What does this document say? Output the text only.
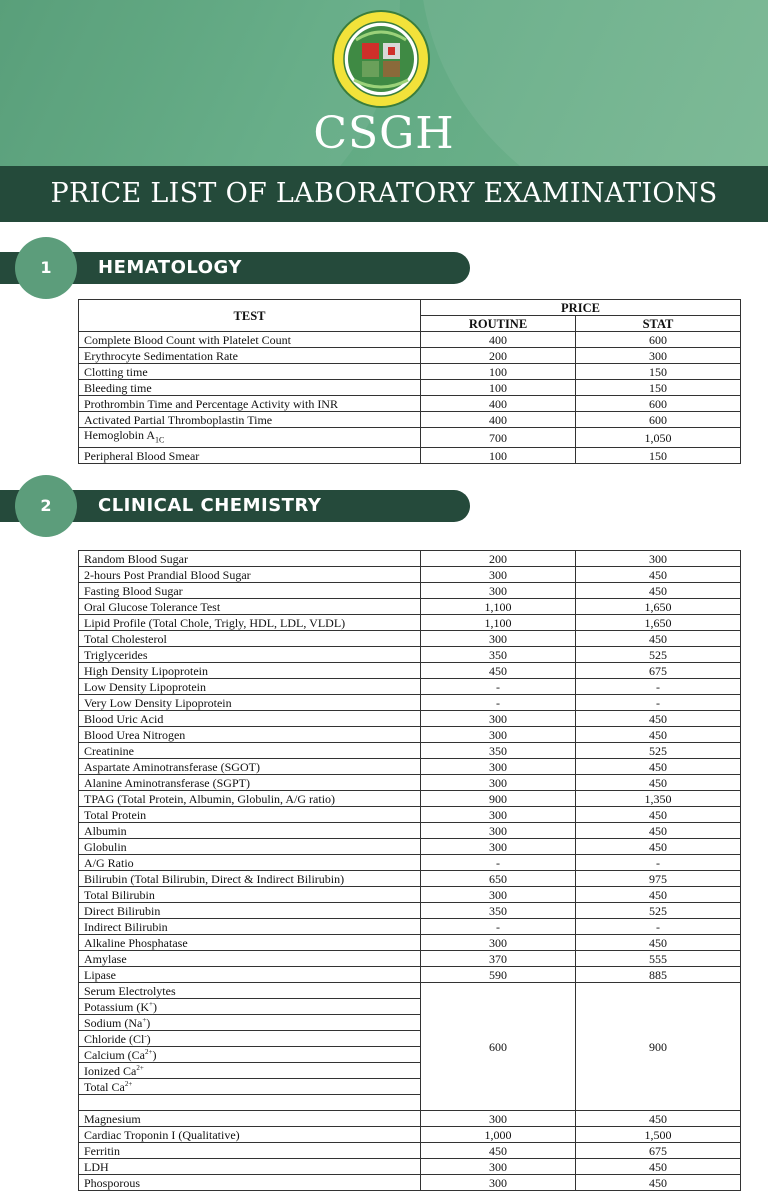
CSGH
PRICE LIST OF LABORATORY EXAMINATIONS
HEMATOLOGY
1
TEST	PRICE	
	ROUTINE	STAT
Complete Blood Count with Platelet Count	400	600
Erythrocyte Sedimentation Rate	200	300
Clotting time	100	150
Bleeding time	100	150
Prothrombin Time and Percentage Activity with INR	400	600
Activated Partial Thromboplastin Time	400	600
Hemoglobin $A_{1C}$	700	1,050
Peripheral Blood Smear	100	150
CLINICAL CHEMISTRY
2
Random Blood Sugar	200	300
2-hours Post Prandial Blood Sugar	300	450
Fasting Blood Sugar	300	450
Oral Glucose Tolerance Test	1,100	1,650
Lipid Profile (Total Chole, Trigly, HDL, LDL, VLDL)	1,100	1,650
Total Cholesterol	300	450
Triglycerides	350	525
High Density Lipoprotein	450	675
Low Density Lipoprotein	-	-
Very Low Density Lipoprotein	-	-
Blood Uric Acid	300	450
Blood Urea Nitrogen	300	450
Creatinine	350	525
Aspartate Aminotransferase (SGOT)	300	450
Alanine Aminotransferase (SGPT)	300	450
TPAG (Total Protein, Albumin, Globulin, A/G ratio)	900	1,350
Total Protein	300	450
Albumin	300	450
Globulin	300	450
A/G Ratio	-	-
Bilirubin (Total Bilirubin, Direct & Indirect Bilirubin)	650	975
Total Bilirubin	300	450
Direct Bilirubin	350	525
Indirect Bilirubin	-	-
Alkaline Phosphatase	300	450
Amylase	370	555
Lipase	590	885
Serum Electrolytes	600	900
Potassium (K+)		
Sodium (Na+)		
Chloride (Cl-)		
Calcium $(Ca^{2+})$		
Ionized $Ca^{2+}$
Total $Ca^{2+}$

Magnesium	300	450
Cardiac Troponin I (Qualitative)	1,000	1,500
Ferritin	450	675
LDH	300	450
Phosporous	300	450
